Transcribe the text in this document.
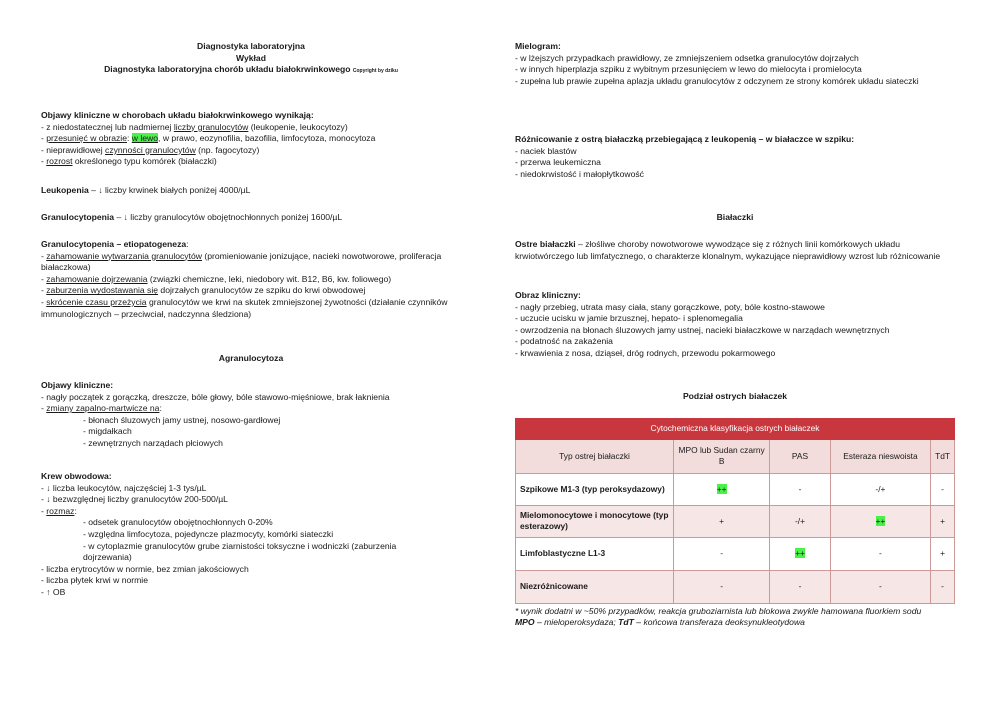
Diagnostyka laboratoryjna
Wykład
Diagnostyka laboratoryjna chorób układu białokrwinkowego Copyright by dziku
Objawy kliniczne w chorobach układu białokrwinkowego wynikają:
- z niedostatecznej lub nadmiernej liczby granulocytów (leukopenie, leukocytozy)
- przesunięć w obrazie: w lewo, w prawo, eozynofilia, bazofilia, limfocytoza, monocytoza
- nieprawidłowej czynności granulocytów (np. fagocytozy)
- rozrost określonego typu komórek (białaczki)
Leukopenia – ↓ liczby krwinek białych poniżej 4000/µL
Granulocytopenia – ↓ liczby granulocytów obojętnochłonnych poniżej 1600/µL
Granulocytopenia – etiopatogeneza:
- zahamowanie wytwarzania granulocytów (promieniowanie jonizujące, nacieki nowotworowe, proliferacja białaczkowa)
- zahamowanie dojrzewania (związki chemiczne, leki, niedobory wit. B12, B6, kw. foliowego)
- zaburzenia wydostawania się dojrzałych granulocytów ze szpiku do krwi obwodowej
- skrócenie czasu przeżycia granulocytów we krwi na skutek zmniejszonej żywotności (działanie czynników immunologicznych – przeciwciał, nadczynna śledziona)
Agranulocytoza
Objawy kliniczne:
- nagły początek z gorączką, dreszcze, bóle głowy, bóle stawowo-mięśniowe, brak łaknienia
- zmiany zapalno-martwicze na:
- błonach śluzowych jamy ustnej, nosowo-gardłowej
- migdałkach
- zewnętrznych narządach płciowych
Krew obwodowa:
- ↓ liczba leukocytów, najczęściej 1-3 tys/µL
- ↓ bezwzględnej liczby granulocytów 200-500/µL
- rozmaz:
- odsetek granulocytów obojętnochłonnych 0-20%
- względna limfocytoza, pojedyncze plazmocyty, komórki siateczki
- w cytoplazmie granulocytów grube ziarnistości toksyczne i wodniczki (zaburzenia dojrzewania)
- liczba erytrocytów w normie, bez zmian jakościowych
- liczba płytek krwi w normie
- ↑ OB
Mielogram:
- w lżejszych przypadkach prawidłowy, ze zmniejszeniem odsetka granulocytów dojrzałych
- w innych hiperplazja szpiku z wybitnym przesunięciem w lewo do mielocyta i promielocyta
- zupełna lub prawie zupełna aplazja układu granulocytów z odczynem ze strony komórek układu siateczki
Różnicowanie z ostrą białaczką przebiegającą z leukopenią – w białaczce w szpiku:
- naciek blastów
- przerwa leukemiczna
- niedokrwistość i małopłytkowość
Białaczki
Ostre białaczki – złośliwe choroby nowotworowe wywodzące się z różnych linii komórkowych układu krwiotwórczego lub limfatycznego, o charakterze klonalnym, wykazujące nieprawidłowy wzrost lub różnicowanie
Obraz kliniczny:
- nagły przebieg, utrata masy ciała, stany gorączkowe, poty, bóle kostno-stawowe
- uczucie ucisku w jamie brzusznej, hepato- i splenomegalia
- owrzodzenia na błonach śluzowych jamy ustnej, nacieki białaczkowe w narządach wewnętrznych
- podatność na zakażenia
- krwawienia z nosa, dziąseł, dróg rodnych, przewodu pokarmowego
Podział ostrych białaczek
Cytochemiczna klasyfikacja ostrych białaczek				
Typ ostrej białaczki	MPO lub Sudan czarny B	PAS	Esteraza nieswoista	TdT
Szpikowe M1-3 (typ peroksydazowy)	++	-	-/+	-
Mielomonocytowe i monocytowe (typ esterazowy)	+	-/+	++	+
Limfoblastyczne L1-3	-	++	-	+
Niezróżnicowane	-	-	-	-
* wynik dodatni w ~50% przypadków, reakcja gruboziarnista lub blokowa zwykle hamowana fluorkiem sodu
MPO – mieloperoksydaza; TdT – końcowa transferaza deoksynukleotydowa
